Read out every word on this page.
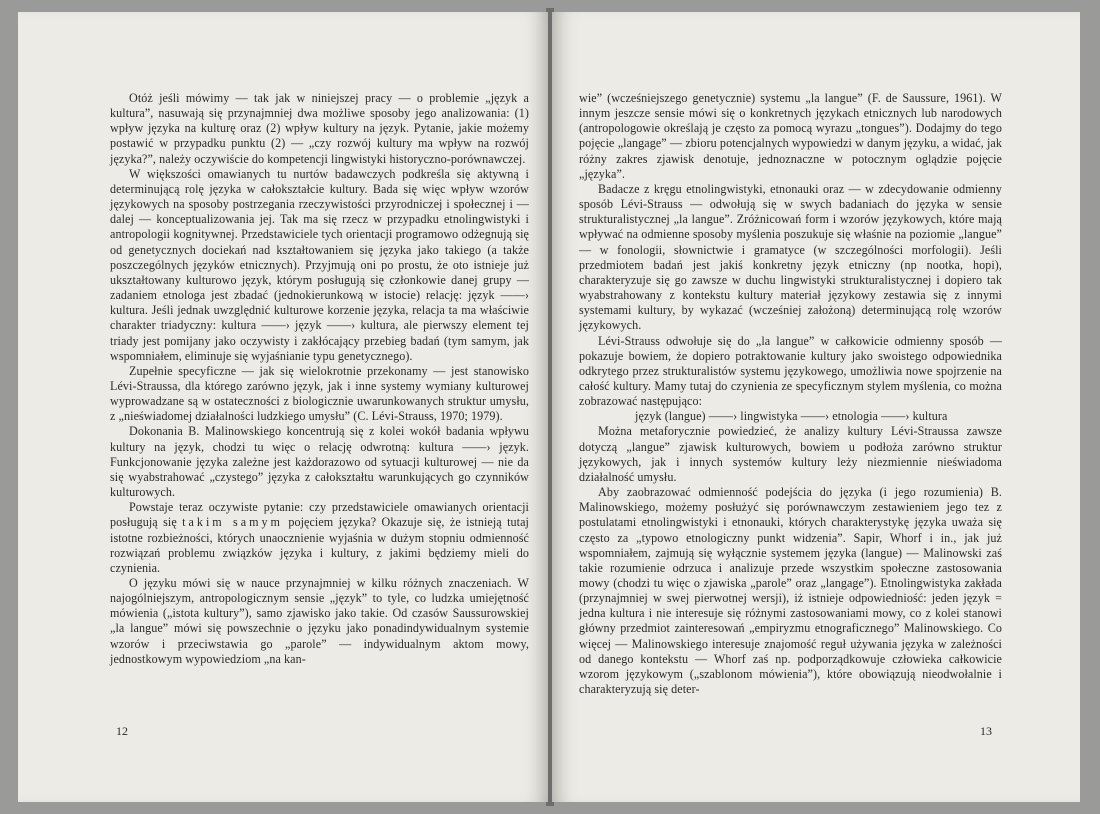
Otóż jeśli mówimy — tak jak w niniejszej pracy — o problemie „język a kultura”, nasuwają się przynajmniej dwa możliwe sposoby jego analizowania: (1) wpływ języka na kulturę oraz (2) wpływ kultury na język. Pytanie, jakie możemy postawić w przypadku punktu (2) — „czy rozwój kultury ma wpływ na rozwój języka?”, należy oczywiście do kompetencji lingwistyki historyczno-porównawczej.

W większości omawianych tu nurtów badawczych podkreśla się aktywną i determinującą rolę języka w całokształcie kultury. Bada się więc wpływ wzorów językowych na sposoby postrzegania rzeczywistości przyrodniczej i społecznej i — dalej — konceptualizowania jej. Tak ma się rzecz w przypadku etnolingwistyki i antropologii kognitywnej. Przedstawiciele tych orientacji programowo odżegnują się od genetycznych dociekań nad kształtowaniem się języka jako takiego (a także poszczególnych języków etnicznych). Przyjmują oni po prostu, że oto istnieje już ukształtowany kulturowo język, którym posługują się członkowie danej grupy — zadaniem etnologa jest zbadać (jednokierunkową w istocie) relację: język ——› kultura. Jeśli jednak uwzględnić kulturowe korzenie języka, relacja ta ma właściwie charakter triadyczny: kultura ——› język ——› kultura, ale pierwszy element tej triady jest pomijany jako oczywisty i zakłócający przebieg badań (tym samym, jak wspomniałem, eliminuje się wyjaśnianie typu genetycznego).

Zupełnie specyficzne — jak się wielokrotnie przekonamy — jest stanowisko Lévi-Straussa, dla którego zarówno język, jak i inne systemy wymiany kulturowej wyprowadzane są w ostateczności z biologicznie uwarunkowanych struktur umysłu, z „nieświadomej działalności ludzkiego umysłu” (C. Lévi-Strauss, 1970; 1979).

Dokonania B. Malinowskiego koncentrują się z kolei wokół badania wpływu kultury na język, chodzi tu więc o relację odwrotną: kultura ——› język. Funkcjonowanie języka zależne jest każdorazowo od sytuacji kulturowej — nie da się wyabstrahować „czystego” języka z całokształtu warunkujących go czynników kulturowych.

Powstaje teraz oczywiste pytanie: czy przedstawiciele omawianych orientacji posługują się takim samym pojęciem języka? Okazuje się, że istnieją tutaj istotne rozbieżności, których unaocznienie wyjaśnia w dużym stopniu odmienność rozwiązań problemu związków języka i kultury, z jakimi będziemy mieli do czynienia.

O języku mówi się w nauce przynajmniej w kilku różnych znaczeniach. W najogólniejszym, antropologicznym sensie „język” to tyle, co ludzka umiejętność mówienia („istota kultury”), samo zjawisko jako takie. Od czasów Saussurowskiej „la langue” mówi się powszechnie o języku jako ponadindywidualnym systemie wzorów i przeciwstawia go „parole” — indywidualnym aktom mowy, jednostkowym wypowiedziom „na kan-

12

wie” (wcześniejszego genetycznie) systemu „la langue” (F. de Saussure, 1961). W innym jeszcze sensie mówi się o konkretnych językach etnicznych lub narodowych (antropologowie określają je często za pomocą wyrazu „tongues”). Dodajmy do tego pojęcie „langage” — zbioru potencjalnych wypowiedzi w danym języku, a widać, jak różny zakres zjawisk denotuje, jednoznaczne w potocznym oglądzie pojęcie „języka”.

Badacze z kręgu etnolingwistyki, etnonauki oraz — w zdecydowanie odmienny sposób Lévi-Strauss — odwołują się w swych badaniach do języka w sensie strukturalistycznej „la langue”. Zróżnicowań form i wzorów językowych, które mają wpływać na odmienne sposoby myślenia poszukuje się właśnie na poziomie „langue” — w fonologii, słownictwie i gramatyce (w szczególności morfologii). Jeśli przedmiotem badań jest jakiś konkretny język etniczny (np nootka, hopi), charakteryzuje się go zawsze w duchu lingwistyki strukturalistycznej i dopiero tak wyabstrahowany z kontekstu kultury materiał językowy zestawia się z innymi systemami kultury, by wykazać (wcześniej założoną) determinującą rolę wzorów językowych.

Lévi-Strauss odwołuje się do „la langue” w całkowicie odmienny sposób — pokazuje bowiem, że dopiero potraktowanie kultury jako swoistego odpowiednika odkrytego przez strukturalistów systemu językowego, umożliwia nowe spojrzenie na całość kultury. Mamy tutaj do czynienia ze specyficznym stylem myślenia, co można zobrazować następująco:

język (langue) ——› lingwistyka ——› etnologia ——› kultura

Można metaforycznie powiedzieć, że analizy kultury Lévi-Straussa zawsze dotyczą „langue” zjawisk kulturowych, bowiem u podłoża zarówno struktur językowych, jak i innych systemów kultury leży niezmiennie nieświadoma działalność umysłu.

Aby zaobrazować odmienność podejścia do języka (i jego rozumienia) B. Malinowskiego, możemy posłużyć się porównawczym zestawieniem jego tez z postulatami etnolingwistyki i etnonauki, których charakterystykę języka uważa się często za „typowo etnologiczny punkt widzenia”. Sapir, Whorf i in., jak już wspomniałem, zajmują się wyłącznie systemem języka (langue) — Malinowski zaś takie rozumienie odrzuca i analizuje przede wszystkim społeczne zastosowania mowy (chodzi tu więc o zjawiska „parole” oraz „langage”). Etnolingwistyka zakłada (przynajmniej w swej pierwotnej wersji), iż istnieje odpowiedniość: jeden język = jedna kultura i nie interesuje się różnymi zastosowaniami mowy, co z kolei stanowi główny przedmiot zainteresowań „empiryzmu etnograficznego” Malinowskiego. Co więcej — Malinowskiego interesuje znajomość reguł używania języka w zależności od danego kontekstu — Whorf zaś np. podporządkowuje człowieka całkowicie wzorom językowym („szablonom mówienia”), które obowiązują nieodwołalnie i charakteryzują się deter-

13
